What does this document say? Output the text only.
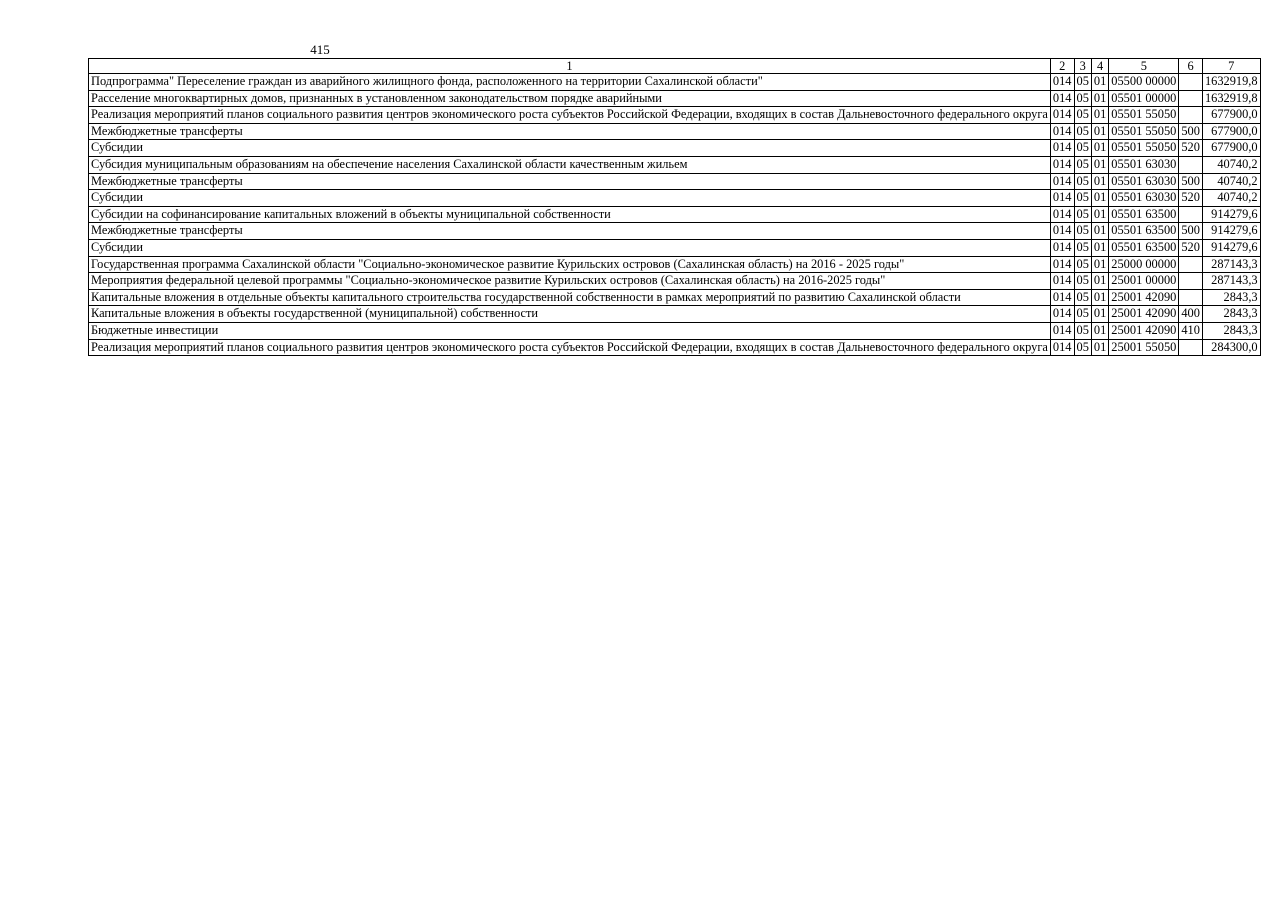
415
1	2	3	4	5	6	7
Подпрограмма" Переселение граждан из аварийного жилищного фонда, расположенного на территории Сахалинской области"	014	05	01	05500 00000		1632919,8
Расселение многоквартирных домов, признанных в установленном законодательством порядке аварийными	014	05	01	05501 00000		1632919,8
Реализация мероприятий планов социального развития центров экономического роста субъектов Российской Федерации, входящих в состав Дальневосточного федерального округа	014	05	01	05501 55050		677900,0
Межбюджетные трансферты	014	05	01	05501 55050	500	677900,0
Субсидии	014	05	01	05501 55050	520	677900,0
Субсидия муниципальным образованиям на обеспечение населения Сахалинской области качественным жильем	014	05	01	05501 63030		40740,2
Межбюджетные трансферты	014	05	01	05501 63030	500	40740,2
Субсидии	014	05	01	05501 63030	520	40740,2
Субсидии на софинансирование капитальных вложений в объекты муниципальной собственности	014	05	01	05501 63500		914279,6
Межбюджетные трансферты	014	05	01	05501 63500	500	914279,6
Субсидии	014	05	01	05501 63500	520	914279,6
Государственная программа Сахалинской области "Социально-экономическое развитие Курильских островов (Сахалинская область) на 2016 - 2025 годы"	014	05	01	25000 00000		287143,3
Мероприятия федеральной целевой программы "Социально-экономическое развитие Курильских островов (Сахалинская область) на 2016-2025 годы"	014	05	01	25001 00000		287143,3
Капитальные вложения в отдельные объекты капитального строительства государственной собственности в рамках мероприятий по развитию Сахалинской области	014	05	01	25001 42090		2843,3
Капитальные вложения в объекты государственной (муниципальной) собственности	014	05	01	25001 42090	400	2843,3
Бюджетные инвестиции	014	05	01	25001 42090	410	2843,3
Реализация мероприятий планов социального развития центров экономического роста субъектов Российской Федерации, входящих в состав Дальневосточного федерального округа	014	05	01	25001 55050		284300,0
